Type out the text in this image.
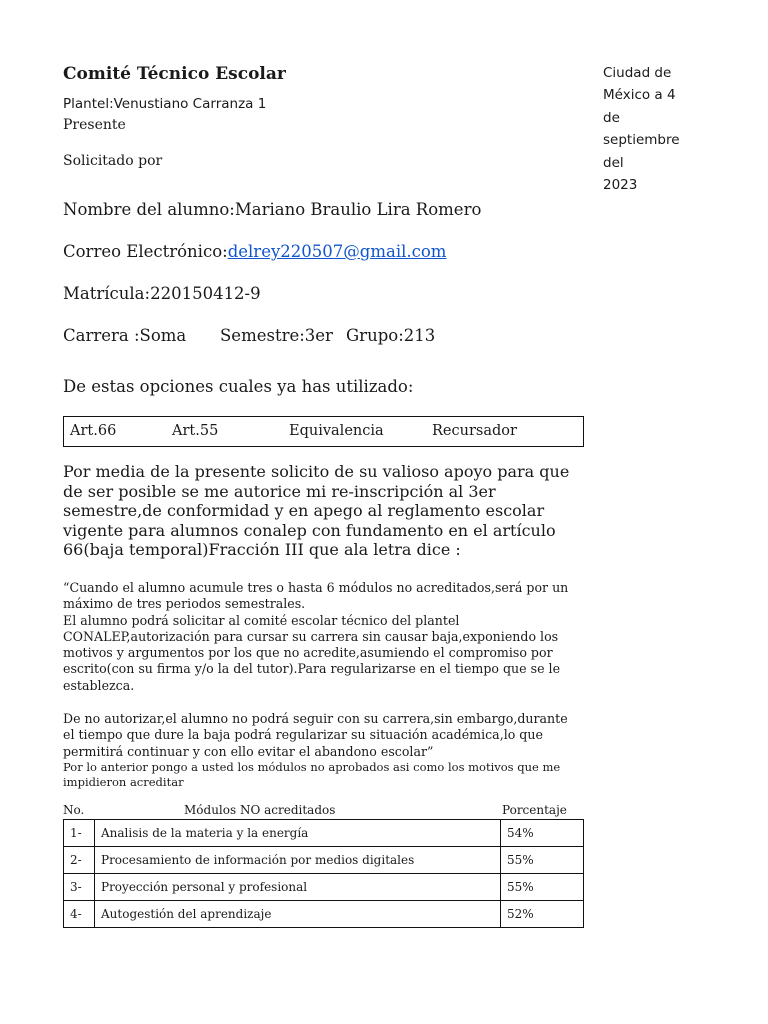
Comité Técnico Escolar
Plantel:Venustiano Carranza 1
Presente
Solicitado por
Ciudad de
México a 4
de
septiembre
del
2023
Nombre del alumno:Mariano Braulio Lira Romero
Correo Electrónico:delrey220507@gmail.com
Matrícula:220150412-9
Carrera :Soma Semestre:3er Grupo:213
De estas opciones cuales ya has utilizado:
Art.66	Art.55	Equivalencia	Recursador
Por media de la presente solicito de su valioso apoyo para que de ser posible se me autorice mi re-inscripción al 3er semestre,de conformidad y en apego al reglamento escolar vigente para alumnos conalep con fundamento en el artículo 66(baja temporal)Fracción III que ala letra dice :
“Cuando el alumno acumule tres o hasta 6 módulos no acreditados,será por un máximo de tres periodos semestrales.
El alumno podrá solicitar al comité escolar técnico del plantel CONALEP,autorización para cursar su carrera sin causar baja,exponiendo los motivos y argumentos por los que no acredite,asumiendo el compromiso por escrito(con su firma y/o la del tutor).Para regularizarse en el tiempo que se le establezca.
De no autorizar,el alumno no podrá seguir con su carrera,sin embargo,durante el tiempo que dure la baja podrá regularizar su situación académica,lo que permitirá continuar y con ello evitar el abandono escolar”
Por lo anterior pongo a usted los módulos no aprobados asi como los motivos que me impidieron acreditar
No.	Módulos NO acreditados	Porcentaje
1-	Analisis de la materia y la energía	54%
2-	Procesamiento de información por medios digitales	55%
3-	Proyección personal y profesional	55%
4-	Autogestión del aprendizaje	52%
